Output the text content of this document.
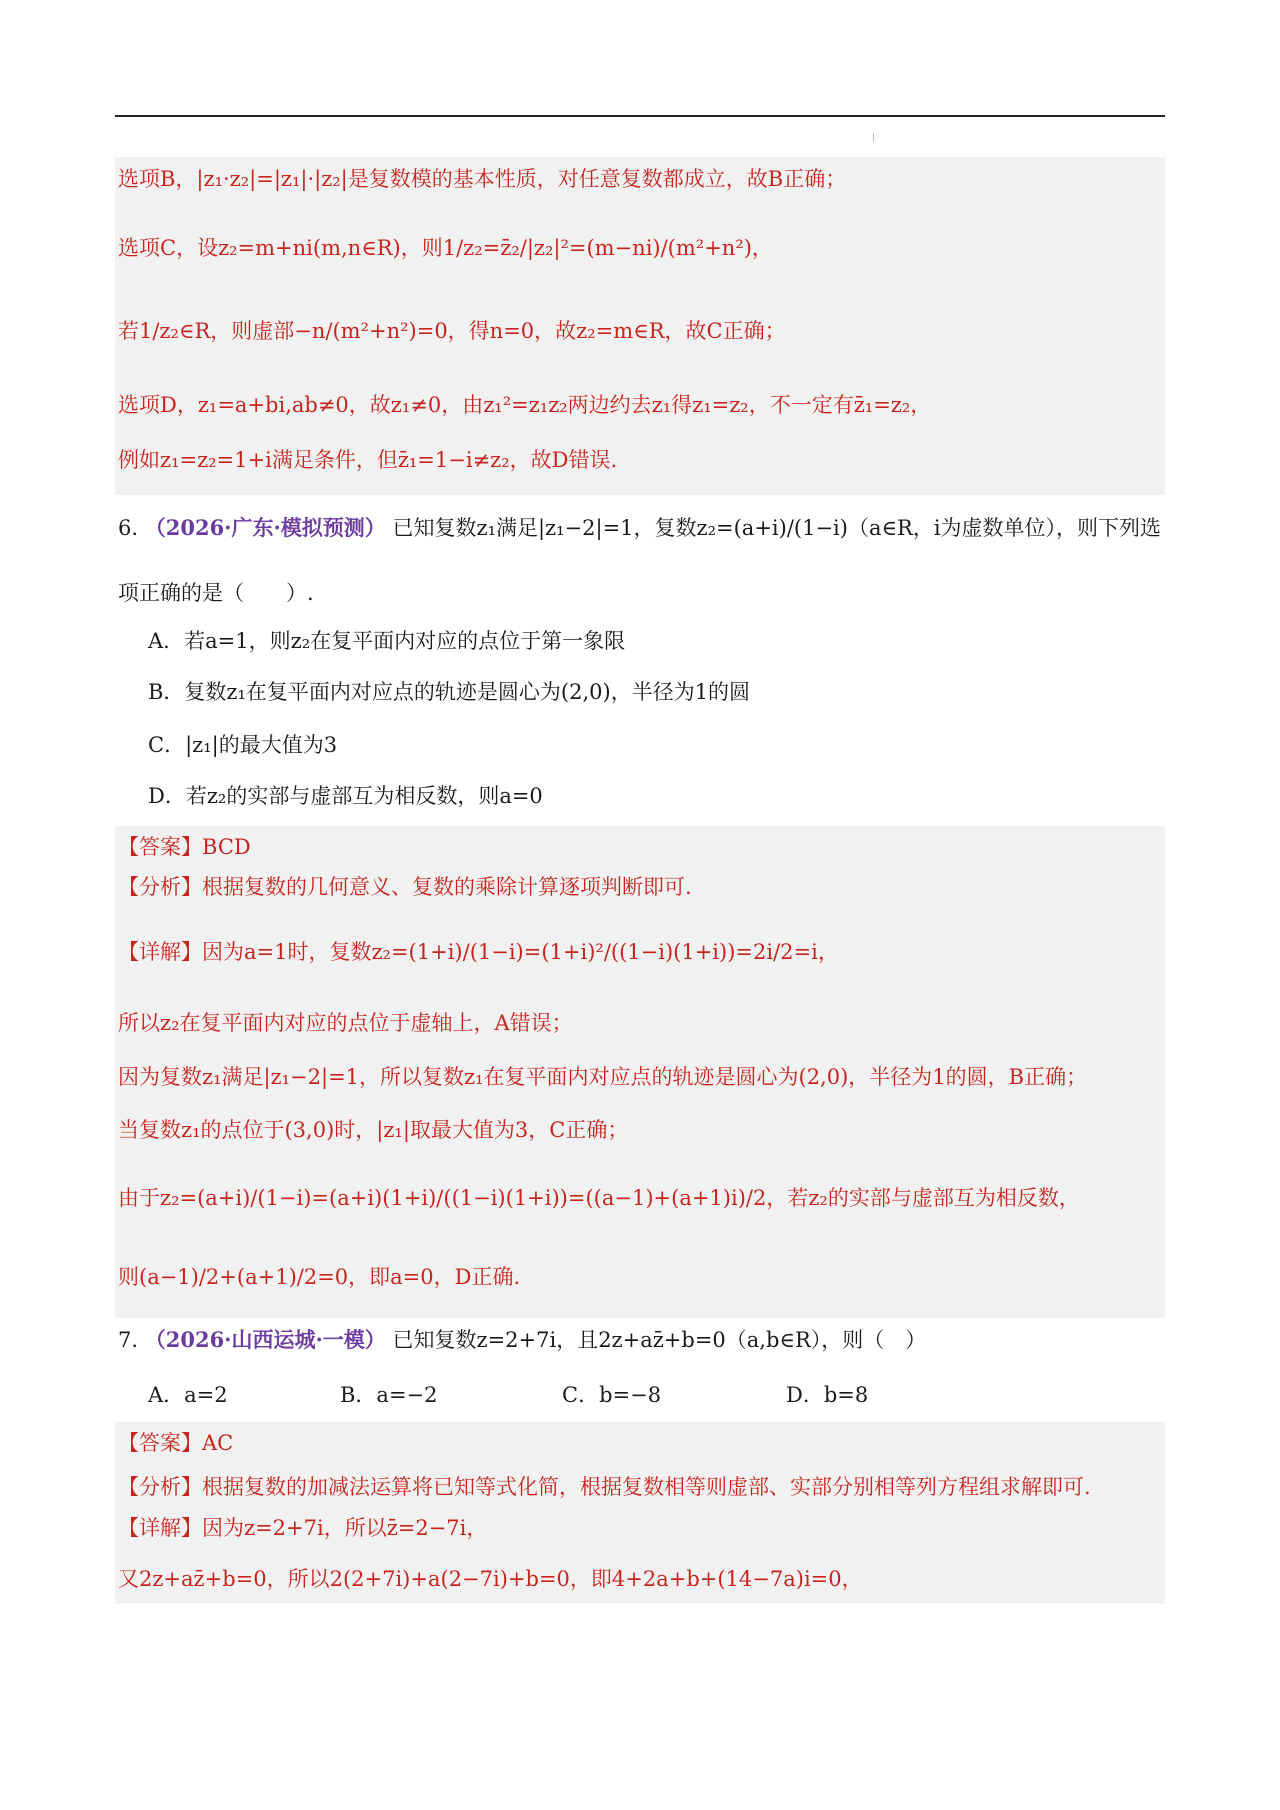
选项B，|z₁·z₂|=|z₁|·|z₂|是复数模的基本性质，对任意复数都成立，故B正确；
选项C，设z₂=m+ni(m,n∈R)，则1/z₂=z̄₂/|z₂|²=(m−ni)/(m²+n²)，
若1/z₂∈R，则虚部−n/(m²+n²)=0，得n=0，故z₂=m∈R，故C正确；
选项D，z₁=a+bi,ab≠0，故z₁≠0，由z₁²=z₁z₂两边约去z₁得z₁=z₂，不一定有z̄₁=z₂，
例如z₁=z₂=1+i满足条件，但z̄₁=1−i≠z₂，故D错误.
6. （2026·广东·模拟预测） 已知复数z₁满足|z₁−2|=1，复数z₂=(a+i)/(1−i)（a∈R，i为虚数单位），则下列选
项正确的是（　　）.
A．若a=1，则z₂在复平面内对应的点位于第一象限
B．复数z₁在复平面内对应点的轨迹是圆心为(2,0)，半径为1的圆
C．|z₁|的最大值为3
D．若z₂的实部与虚部互为相反数，则a=0
【答案】BCD
【分析】根据复数的几何意义、复数的乘除计算逐项判断即可.
【详解】因为a=1时，复数z₂=(1+i)/(1−i)=(1+i)²/((1−i)(1+i))=2i/2=i，
所以z₂在复平面内对应的点位于虚轴上，A错误；
因为复数z₁满足|z₁−2|=1，所以复数z₁在复平面内对应点的轨迹是圆心为(2,0)，半径为1的圆，B正确；
当复数z₁的点位于(3,0)时，|z₁|取最大值为3，C正确；
由于z₂=(a+i)/(1−i)=(a+i)(1+i)/((1−i)(1+i))=((a−1)+(a+1)i)/2，若z₂的实部与虚部互为相反数，
则(a−1)/2+(a+1)/2=0，即a=0，D正确.
7. （2026·山西运城·一模） 已知复数z=2+7i，且2z+az̄+b=0（a,b∈R），则（　）
A．a=2	B．a=−2	C．b=−8	D．b=8
【答案】AC
【分析】根据复数的加减法运算将已知等式化简，根据复数相等则虚部、实部分别相等列方程组求解即可.
【详解】因为z=2+7i，所以z̄=2−7i，
又2z+az̄+b=0，所以2(2+7i)+a(2−7i)+b=0，即4+2a+b+(14−7a)i=0，
